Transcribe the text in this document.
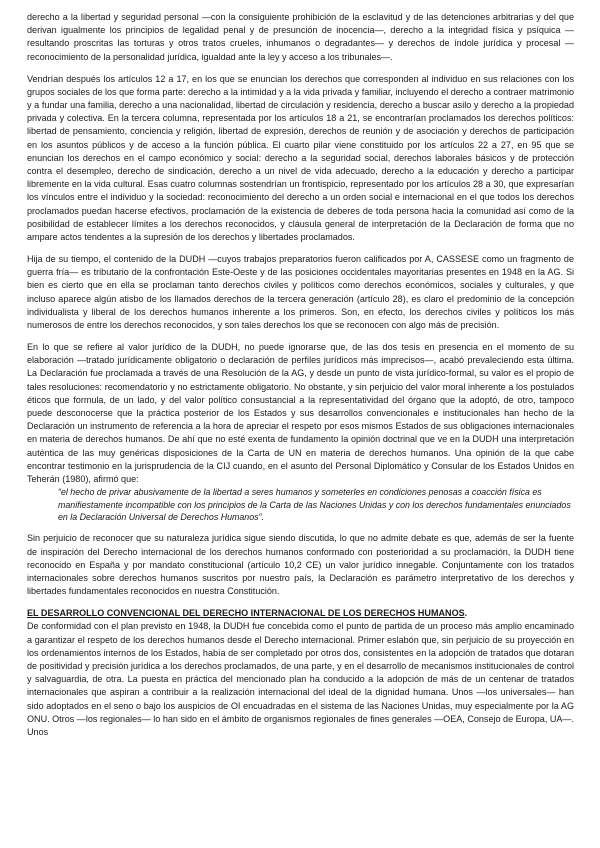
derecho a la libertad y seguridad personal —con la consiguiente prohibición de la esclavitud y de las detenciones arbitrarias y del que derivan igualmente los principios de legalidad penal y de presunción de inocencia—, derecho a la integridad física y psíquica —resultando proscritas las torturas y otros tratos crueles, inhumanos o degradantes— y derechos de índole jurídica y procesal —reconocimiento de la personalidad jurídica, igualdad ante la ley y acceso a los tribunales—.

Vendrían después los artículos 12 a 17, en los que se enuncian los derechos que corresponden al individuo en sus relaciones con los grupos sociales de los que forma parte: derecho a la intimidad y a la vida privada y familiar, incluyendo el derecho a contraer matrimonio y a fundar una familia, derecho a una nacionalidad, libertad de circulación y residencia, derecho a buscar asilo y derecho a la propiedad privada y colectiva. En la tercera columna, representada por los artículos 18 a 21, se encontrarían proclamados los derechos políticos: libertad de pensamiento, conciencia y religión, libertad de expresión, derechos de reunión y de asociación y derechos de participación en los asuntos públicos y de acceso a la función pública. El cuarto pilar viene constituido por los artículos 22 a 27, en 95 que se enuncian los derechos en el campo económico y social: derecho a la seguridad social, derechos laborales básicos y de protección contra el desempleo, derecho de sindicación, derecho a un nivel de vida adecuado, derecho a la educación y derecho a participar libremente en la vida cultural. Esas cuatro columnas sostendrían un frontispicio, representado por los artículos 28 a 30, que expresarían los vínculos entre el individuo y la sociedad: reconocimiento del derecho a un orden social e internacional en el que todos los derechos proclamados puedan hacerse efectivos, proclamación de la existencia de deberes de toda persona hacia la comunidad así como de la posibilidad de establecer límites a los derechos reconocidos, y cláusula general de interpretación de la Declaración de forma que no ampare actos tendentes a la supresión de los derechos y libertades proclamados.

Hija de su tiempo, el contenido de la DUDH —cuyos trabajos preparatorios fueron calificados por A, CASSESE como un fragmento de guerra fría— es tributario de la confrontación Este-Oeste y de las posiciones occidentales mayoritarias presentes en 1948 en la AG. Si bien es cierto que en ella se proclaman tanto derechos civiles y políticos como derechos económicos, sociales y culturales, y que incluso aparece algún atisbo de los llamados derechos de la tercera generación (artículo 28), es claro el predominio de la concepción individualista y liberal de los derechos humanos inherente a los primeros. Son, en efecto, los derechos civiles y políticos los más numerosos de entre los derechos reconocidos, y son tales derechos los que se reconocen con algo más de precisión.

En lo que se refiere al valor jurídico de la DUDH, no puede ignorarse que, de las dos tesis en presencia en el momento de su elaboración —tratado jurídicamente obligatorio o declaración de perfiles jurídicos más imprecisos—, acabó prevaleciendo esta última. La Declaración fue proclamada a través de una Resolución de la AG, y desde un punto de vista jurídico-formal, su valor es el propio de tales resoluciones: recomendatorio y no estrictamente obligatorio. No obstante, y sin perjuicio del valor moral inherente a los postulados éticos que formula, de un lado, y del valor político consustancial a la representatividad del órgano que la adoptó, de otro, tampoco puede desconocerse que la práctica posterior de los Estados y sus desarrollos convencionales e institucionales han hecho de la Declaración un instrumento de referencia a la hora de apreciar el respeto por esos mismos Estados de sus obligaciones internacionales en materia de derechos humanos. De ahí que no esté exenta de fundamento la opinión doctrinal que ve en la DUDH una interpretación auténtica de las muy genéricas disposiciones de la Carta de UN en materia de derechos humanos. Una opinión de la que cabe encontrar testimonio en la jurisprudencia de la CIJ cuando, en el asunto del Personal Diplomático y Consular de los Estados Unidos en Teherán (1980), afirmó que:

“el hecho de privar abusivamente de la libertad a seres humanos y someterles en condiciones penosas a coacción física es manifiestamente incompatible con los principios de la Carta de las Naciones Unidas y con los derechos fundamentales enunciados en la Declaración Universal de Derechos Humanos”.

Sin perjuicio de reconocer que su naturaleza jurídica sigue siendo discutida, lo que no admite debate es que, además de ser la fuente de inspiración del Derecho internacional de los derechos humanos conformado con posterioridad a su proclamación, la DUDH tiene reconocido en España y por mandato constitucional (artículo 10,2 CE) un valor jurídico innegable. Conjuntamente con los tratados internacionales sobre derechos humanos suscritos por nuestro país, la Declaración es parámetro interpretativo de los derechos y libertades fundamentales reconocidos en nuestra Constitución.

EL DESARROLLO CONVENCIONAL DEL DERECHO INTERNACIONAL DE LOS DERECHOS HUMANOS.

De conformidad con el plan previsto en 1948, la DUDH fue concebida como el punto de partida de un proceso más amplio encaminado a garantizar el respeto de los derechos humanos desde el Derecho internacional. Primer eslabón que, sin perjuicio de su proyección en los ordenamientos internos de los Estados, había de ser completado por otros dos, consistentes en la adopción de tratados que dotaran de positividad y precisión jurídica a los derechos proclamados, de una parte, y en el desarrollo de mecanismos institucionales de control y salvaguardia, de otra. La puesta en práctica del mencionado plan ha conducido a la adopción de más de un centenar de tratados internacionales que aspiran a contribuir a la realización internacional del ideal de la dignidad humana. Unos —los universales— han sido adoptados en el seno o bajo los auspicios de OI encuadradas en el sistema de las Naciones Unidas, muy especialmente por la AG ONU. Otros —los regionales— lo han sido en el ámbito de organismos regionales de fines generales —OEA, Consejo de Europa, UA—. Unos
